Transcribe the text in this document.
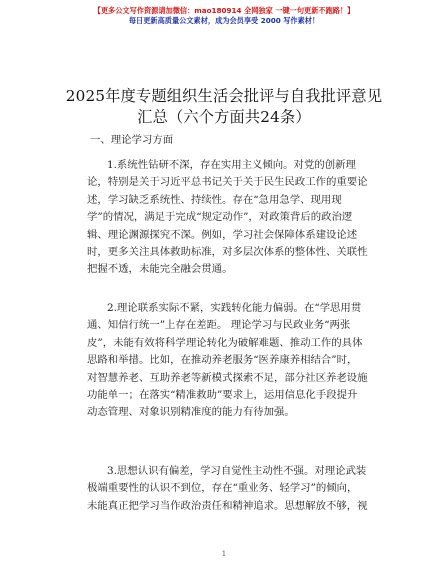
【更多公文写作资源请加微信：mao180914 全网独家 一键一句更新不跑路！】
每日更新高质量公文素材，成为会员享受 2000 写作素材！
2025年度专题组织生活会批评与自我批评意见
汇总（六个方面共24条）
一、理论学习方面
1.系统性钻研不深，存在实用主义倾向。对党的创新理
论，特别是关于习近平总书记关于关于民生民政工作的重要论
述，学习缺乏系统性、持续性。存在“急用急学、现用现
学”的情况，满足于完成“规定动作”，对政策背后的政治逻
辑、理论渊源探究不深。例如，学习社会保障体系建设论述
时，更多关注具体救助标准，对多层次体系的整体性、关联性
把握不透，未能完全融会贯通。
2.理论联系实际不紧，实践转化能力偏弱。在“学思用贯
通、知信行统一”上存在差距。 理论学习与民政业务“两张
皮”，未能有效将科学理论转化为破解难题、推动工作的具体
思路和举措。比如，在推动养老服务“医养康养相结合”时，
对智慧养老、互助养老等新模式探索不足，部分社区养老设施
功能单一；在落实“精准救助”要求上，运用信息化手段提升
动态管理、对象识别精准度的能力有待加强。
3.思想认识有偏差，学习自觉性主动性不强。对理论武装
极端重要性的认识不到位，存在“重业务、轻学习”的倾向，
未能真正把学习当作政治责任和精神追求。思想解放不够，视
1
